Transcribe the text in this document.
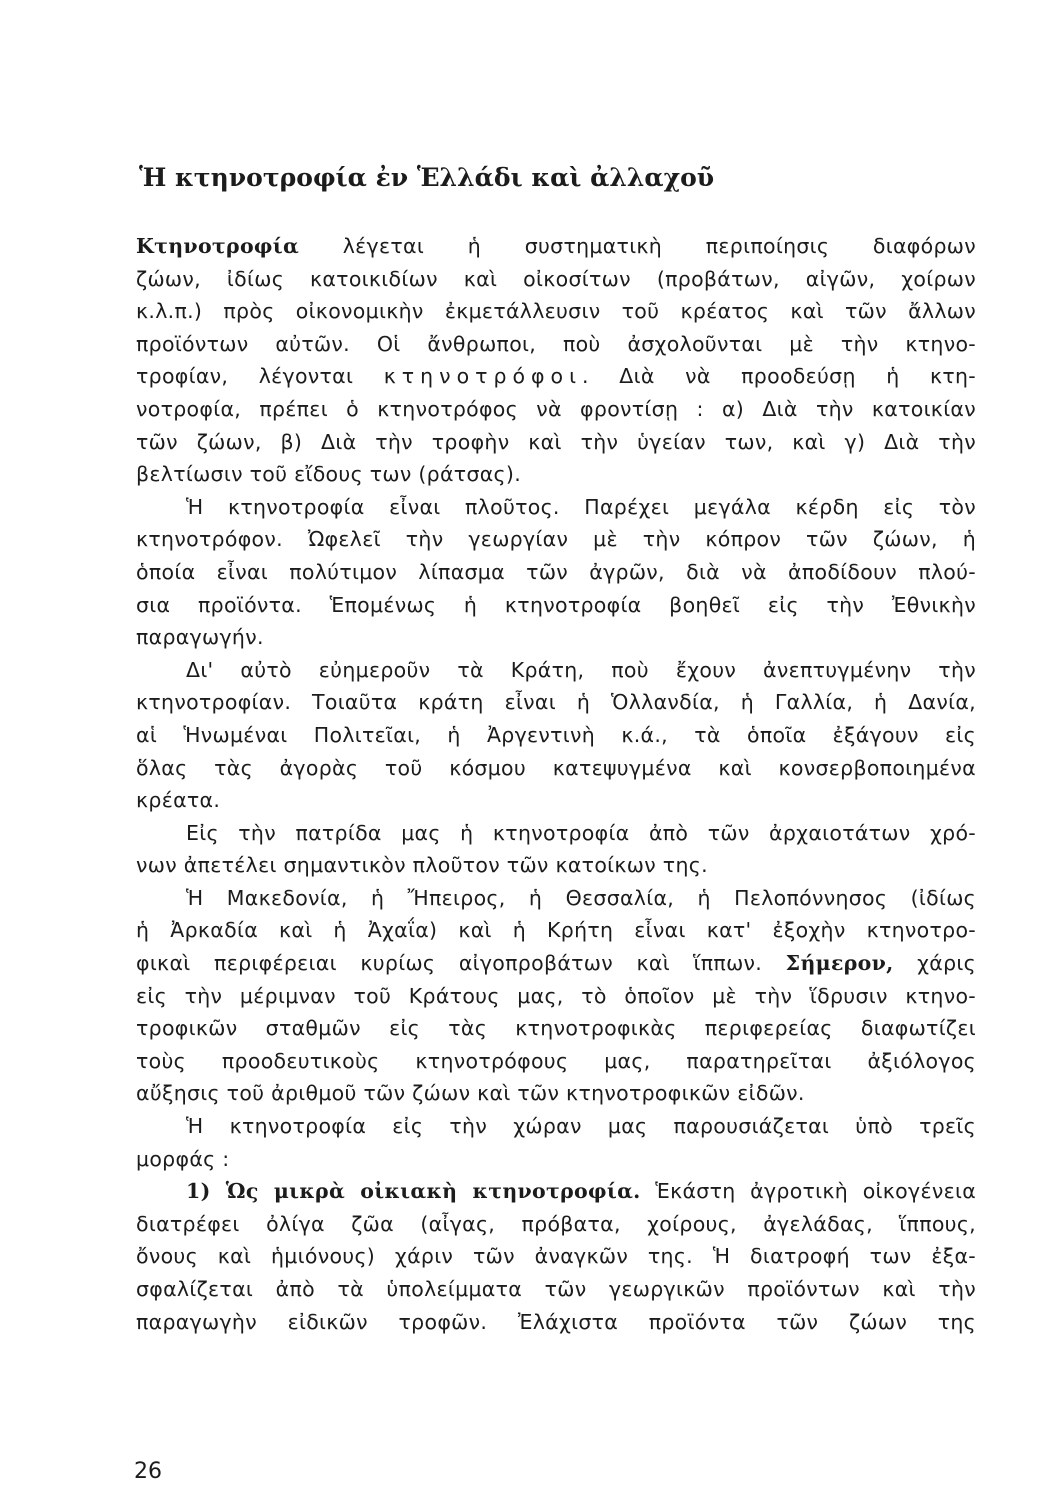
Ἡ κτηνοτροφία ἐν Ἑλλάδι καὶ ἀλλαχοῦ
Κτηνοτροφία λέγεται ἡ συστηματικὴ περιποίησις διαφόρων
ζώων, ἰδίως κατοικιδίων καὶ οἰκοσίτων (προβάτων, αἰγῶν, χοίρων
κ.λ.π.) πρὸς οἰκονομικὴν ἐκμετάλλευσιν τοῦ κρέατος καὶ τῶν ἄλλων
προϊόντων αὐτῶν. Οἱ ἄνθρωποι, ποὺ ἀσχολοῦνται μὲ τὴν κτηνο-
τροφίαν, λέγονται κτηνοτρόφοι. Διὰ νὰ προοδεύσῃ ἡ κτη-
νοτροφία, πρέπει ὁ κτηνοτρόφος νὰ φροντίσῃ : α) Διὰ τὴν κατοικίαν
τῶν ζώων, β) Διὰ τὴν τροφὴν καὶ τὴν ὑγείαν των, καὶ γ) Διὰ τὴν
βελτίωσιν τοῦ εἴδους των (ράτσας).
Ἡ κτηνοτροφία εἶναι πλοῦτος. Παρέχει μεγάλα κέρδη εἰς τὸν
κτηνοτρόφον. Ὠφελεῖ τὴν γεωργίαν μὲ τὴν κόπρον τῶν ζώων, ἡ
ὁποία εἶναι πολύτιμον λίπασμα τῶν ἀγρῶν, διὰ νὰ ἀποδίδουν πλού-
σια προϊόντα. Ἑπομένως ἡ κτηνοτροφία βοηθεῖ εἰς τὴν Ἐθνικὴν
παραγωγήν.
Δι' αὐτὸ εὐημεροῦν τὰ Κράτη, ποὺ ἔχουν ἀνεπτυγμένην τὴν
κτηνοτροφίαν. Τοιαῦτα κράτη εἶναι ἡ Ὁλλανδία, ἡ Γαλλία, ἡ Δανία,
αἱ Ἡνωμέναι Πολιτεῖαι, ἡ Ἀργεντινὴ κ.ά., τὰ ὁποῖα ἐξάγουν εἰς
ὅλας τὰς ἀγορὰς τοῦ κόσμου κατεψυγμένα καὶ κονσερβοποιημένα
κρέατα.
Εἰς τὴν πατρίδα μας ἡ κτηνοτροφία ἀπὸ τῶν ἀρχαιοτάτων χρό-
νων ἀπετέλει σημαντικὸν πλοῦτον τῶν κατοίκων της.
Ἡ Μακεδονία, ἡ Ἤπειρος, ἡ Θεσσαλία, ἡ Πελοπόννησος (ἰδίως
ἡ Ἀρκαδία καὶ ἡ Ἀχαΐα) καὶ ἡ Κρήτη εἶναι κατ' ἐξοχὴν κτηνοτρο-
φικαὶ περιφέρειαι κυρίως αἰγοπροβάτων καὶ ἵππων. Σήμερον, χάρις
εἰς τὴν μέριμναν τοῦ Κράτους μας, τὸ ὁποῖον μὲ τὴν ἵδρυσιν κτηνο-
τροφικῶν σταθμῶν εἰς τὰς κτηνοτροφικὰς περιφερείας διαφωτίζει
τοὺς προοδευτικοὺς κτηνοτρόφους μας, παρατηρεῖται ἀξιόλογος
αὔξησις τοῦ ἀριθμοῦ τῶν ζώων καὶ τῶν κτηνοτροφικῶν εἰδῶν.
Ἡ κτηνοτροφία εἰς τὴν χώραν μας παρουσιάζεται ὑπὸ τρεῖς
μορφάς :
1) Ὡς μικρὰ οἰκιακὴ κτηνοτροφία. Ἑκάστη ἀγροτικὴ οἰκογένεια
διατρέφει ὀλίγα ζῶα (αἶγας, πρόβατα, χοίρους, ἀγελάδας, ἵππους,
ὄνους καὶ ἡμιόνους) χάριν τῶν ἀναγκῶν της. Ἡ διατροφή των ἐξα-
σφαλίζεται ἀπὸ τὰ ὑπολείμματα τῶν γεωργικῶν προϊόντων καὶ τὴν
παραγωγὴν εἰδικῶν τροφῶν. Ἐλάχιστα προϊόντα τῶν ζώων της
26
